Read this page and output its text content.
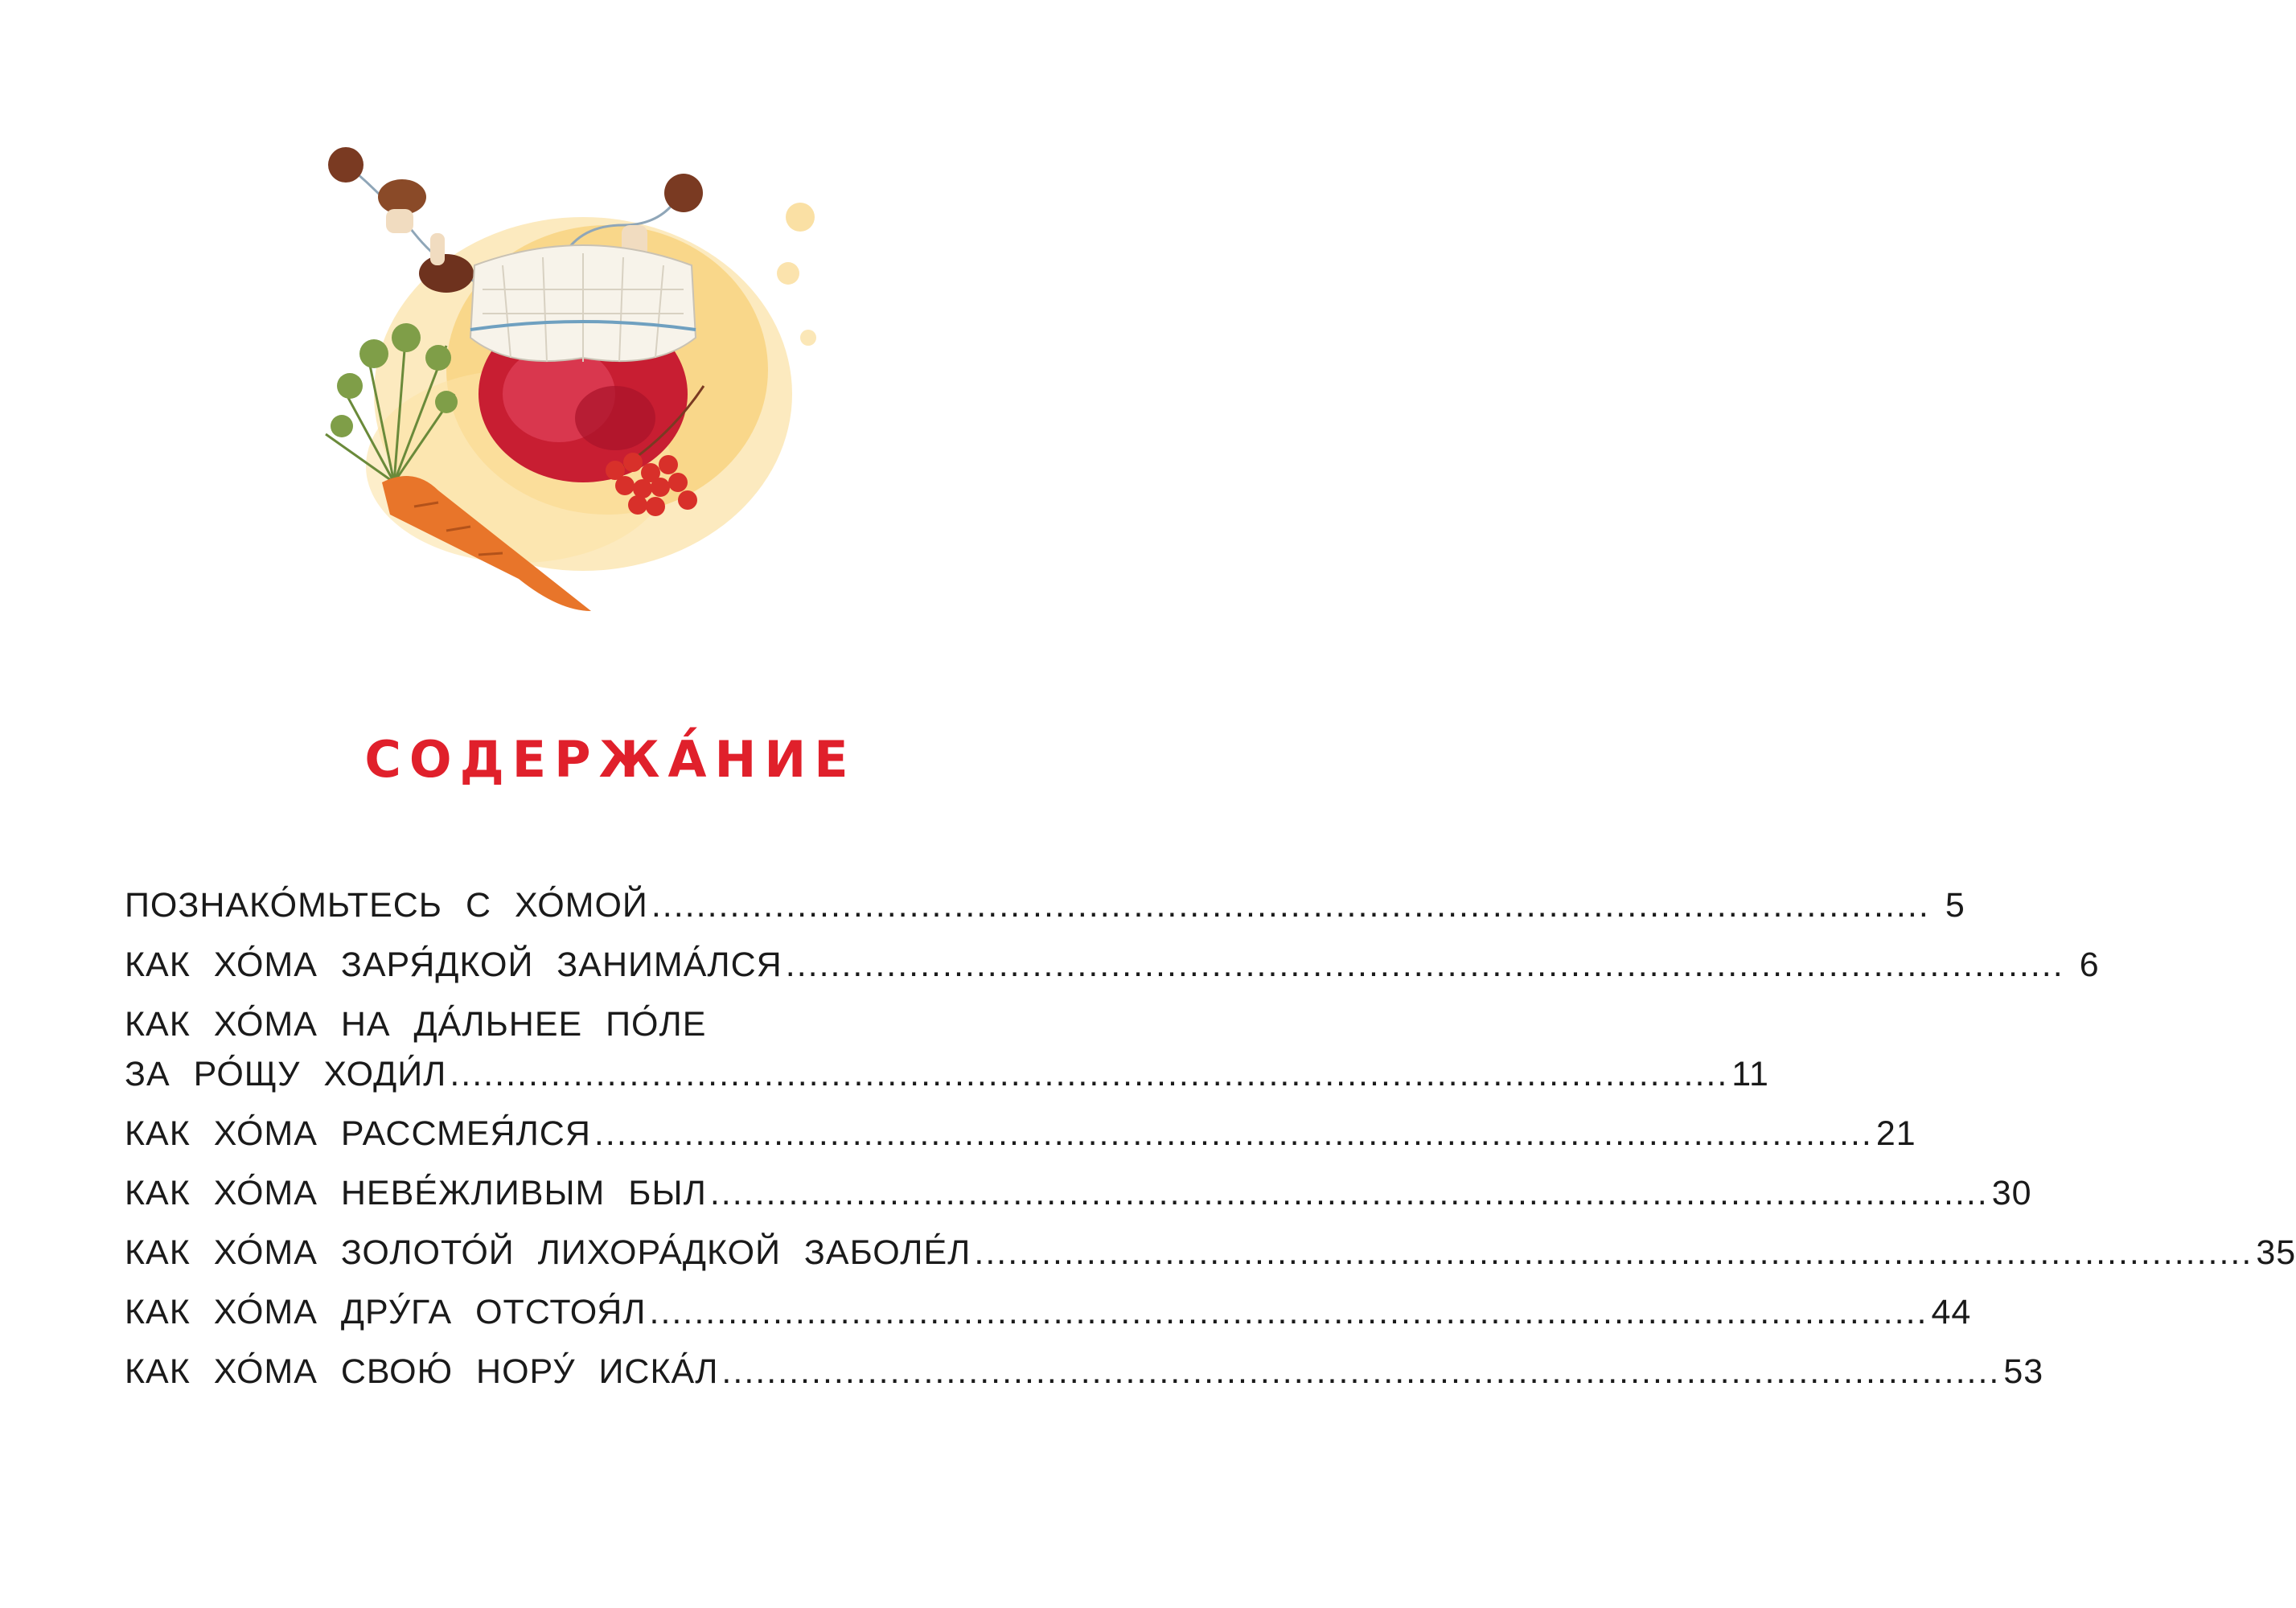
СОДЕРЖА́НИЕ
ПОЗНАКО́МЬТЕСЬ С ХО́МОЙ .................................................................................................................. 5
КАК ХО́МА ЗАРЯ́ДКОЙ ЗАНИМА́ЛСЯ .................................................................................................................. 6
КАК ХО́МА НА ДА́ЛЬНЕЕ ПО́ЛЕ
ЗА РО́ЩУ ХОДИ́Л .................................................................................................................. 11
КАК ХО́МА РАССМЕЯ́ЛСЯ .................................................................................................................. 21
КАК ХО́МА НЕВЕ́ЖЛИВЫМ БЫЛ .................................................................................................................. 30
КАК ХО́МА ЗОЛОТО́Й ЛИХОРА́ДКОЙ ЗАБОЛЕ́Л .................................................................................................................. 35
КАК ХО́МА ДРУ́ГА ОТСТОЯ́Л .................................................................................................................. 44
КАК ХО́МА СВОЮ́ НОРУ́ ИСКА́Л .................................................................................................................. 53
